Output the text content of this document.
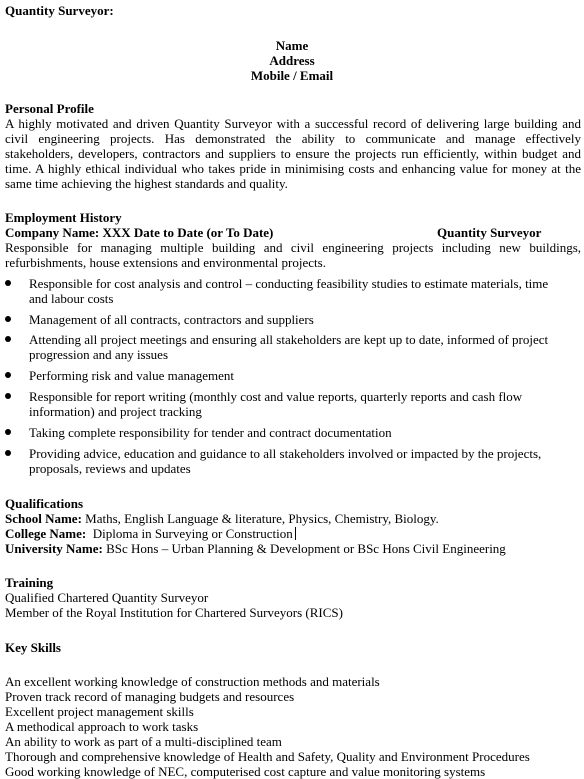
Quantity Surveyor:
Name
Address
Mobile / Email
Personal Profile
A highly motivated and driven Quantity Surveyor with a successful record of delivering large building and
civil engineering projects. Has demonstrated the ability to communicate and manage effectively
stakeholders, developers, contractors and suppliers to ensure the projects run efficiently, within budget and
time. A highly ethical individual who takes pride in minimising costs and enhancing value for money at the
same time achieving the highest standards and quality.
Employment History
Company Name: XXX Date to Date (or To Date)	Quantity Surveyor
Responsible for managing multiple building and civil engineering projects including new buildings,
refurbishments, house extensions and environmental projects.
Responsible for cost analysis and control – conducting feasibility studies to estimate materials, time
and labour costs
Management of all contracts, contractors and suppliers
Attending all project meetings and ensuring all stakeholders are kept up to date, informed of project
progression and any issues
Performing risk and value management
Responsible for report writing (monthly cost and value reports, quarterly reports and cash flow
information) and project tracking
Taking complete responsibility for tender and contract documentation
Providing advice, education and guidance to all stakeholders involved or impacted by the projects,
proposals, reviews and updates
Qualifications
School Name: Maths, English Language & literature, Physics, Chemistry, Biology.
College Name:  Diploma in Surveying or Construction
University Name: BSc Hons – Urban Planning & Development or BSc Hons Civil Engineering
Training
Qualified Chartered Quantity Surveyor
Member of the Royal Institution for Chartered Surveyors (RICS)
Key Skills
An excellent working knowledge of construction methods and materials
Proven track record of managing budgets and resources
Excellent project management skills
A methodical approach to work tasks
An ability to work as part of a multi-disciplined team
Thorough and comprehensive knowledge of Health and Safety, Quality and Environment Procedures
Good working knowledge of NEC, computerised cost capture and value monitoring systems
